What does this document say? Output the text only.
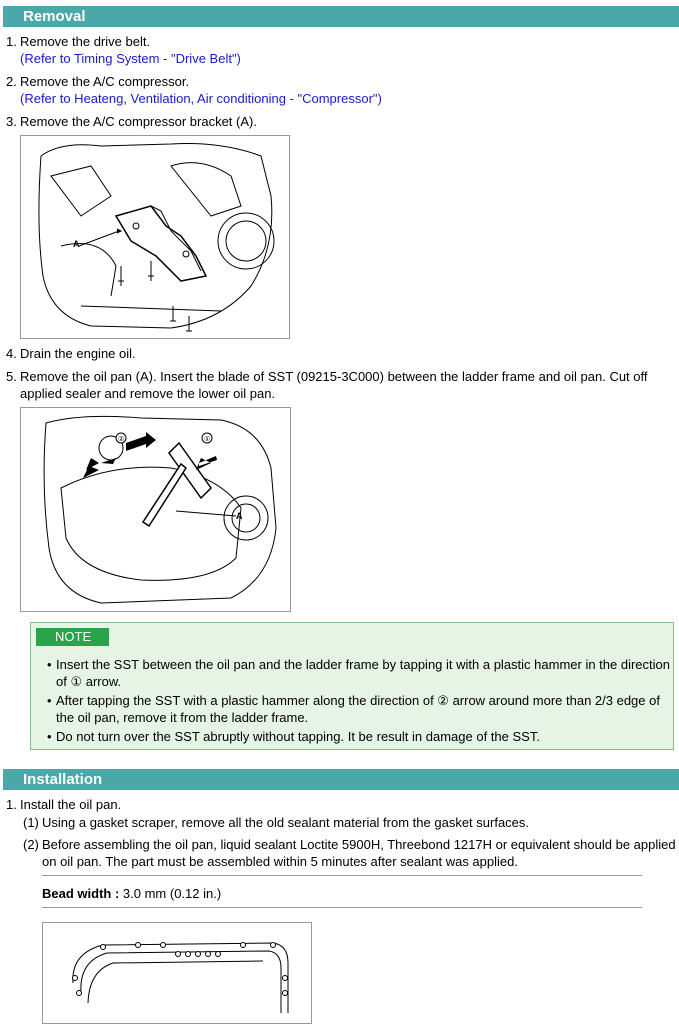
Removal
1. Remove the drive belt.
(Refer to Timing System - "Drive Belt")
2. Remove the A/C compressor.
(Refer to Heateng, Ventilation, Air conditioning - "Compressor")
3. Remove the A/C compressor bracket (A).
A
4. Drain the engine oil.
5. Remove the oil pan (A). Insert the blade of SST (09215-3C000) between the ladder frame and oil pan. Cut off
applied sealer and remove the lower oil pan.
①
②
A
NOTE
• Insert the SST between the oil pan and the ladder frame by tapping it with a plastic hammer in the direction
of ① arrow.
• After tapping the SST with a plastic hammer along the direction of ② arrow around more than 2/3 edge of
the oil pan, remove it from the ladder frame.
• Do not turn over the SST abruptly without tapping. It be result in damage of the SST.
Installation
1. Install the oil pan.
(1) Using a gasket scraper, remove all the old sealant material from the gasket surfaces.
(2) Before assembling the oil pan, liquid sealant Loctite 5900H, Threebond 1217H or equivalent should be applied
on oil pan. The part must be assembled within 5 minutes after sealant was applied.
Bead width : 3.0 mm (0.12 in.)
